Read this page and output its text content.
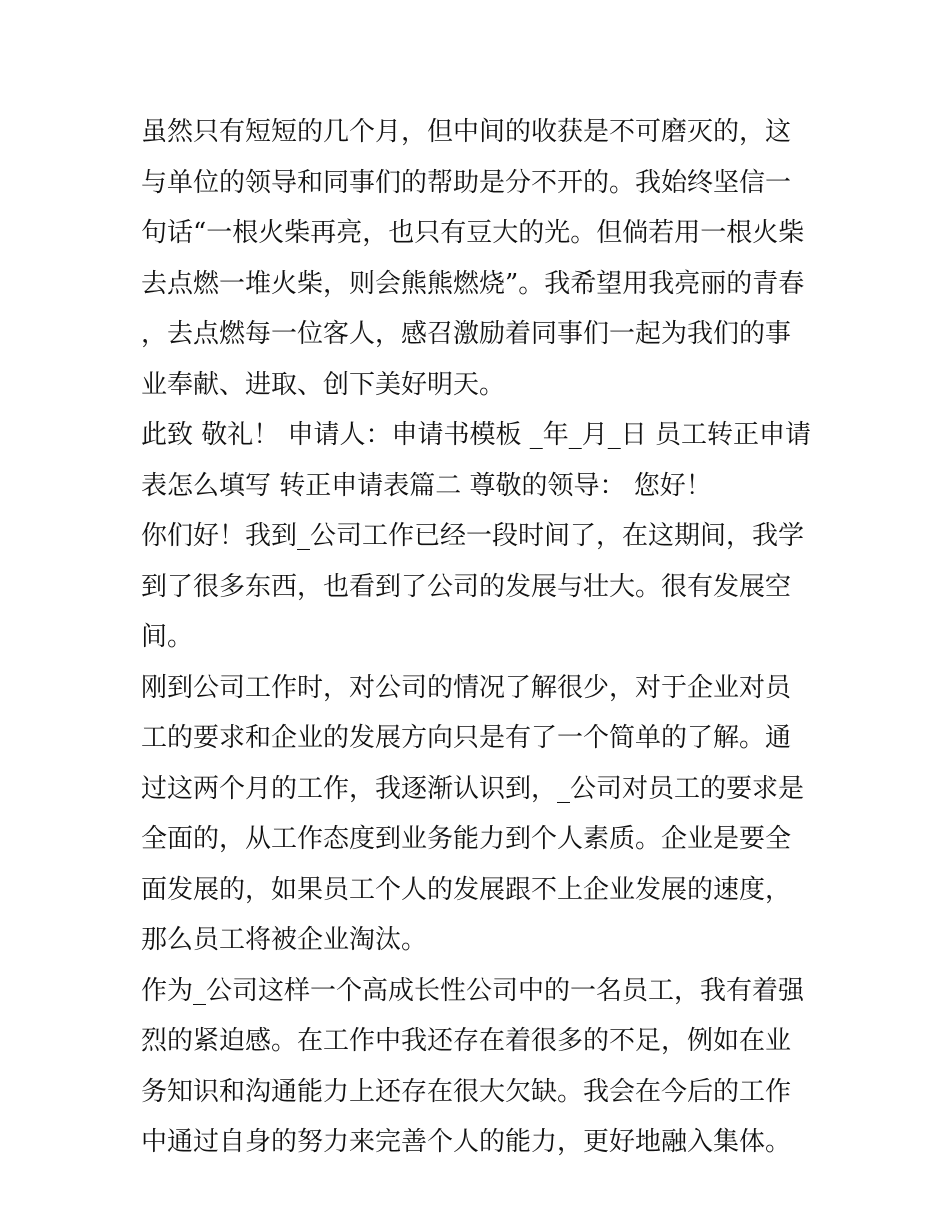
虽然只有短短的几个月，但中间的收获是不可磨灭的，这与单位的领导和同事们的帮助是分不开的。我始终坚信一句话“一根火柴再亮，也只有豆大的光。但倘若用一根火柴去点燃一堆火柴，则会熊熊燃烧”。我希望用我亮丽的青春，去点燃每一位客人，感召激励着同事们一起为我们的事业奉献、进取、创下美好明天。

此致 敬礼！ 申请人：申请书模板 _年_月_日 员工转正申请表怎么填写 转正申请表篇二 尊敬的领导： 您好！

你们好！我到_公司工作已经一段时间了，在这期间，我学到了很多东西，也看到了公司的发展与壮大。很有发展空间。

刚到公司工作时，对公司的情况了解很少，对于企业对员工的要求和企业的发展方向只是有了一个简单的了解。通过这两个月的工作，我逐渐认识到，_公司对员工的要求是全面的，从工作态度到业务能力到个人素质。企业是要全面发展的，如果员工个人的发展跟不上企业发展的速度，那么员工将被企业淘汰。

作为_公司这样一个高成长性公司中的一名员工，我有着强烈的紧迫感。在工作中我还存在着很多的不足，例如在业务知识和沟通能力上还存在很大欠缺。我会在今后的工作中通过自身的努力来完善个人的能力，更好地融入集体。
